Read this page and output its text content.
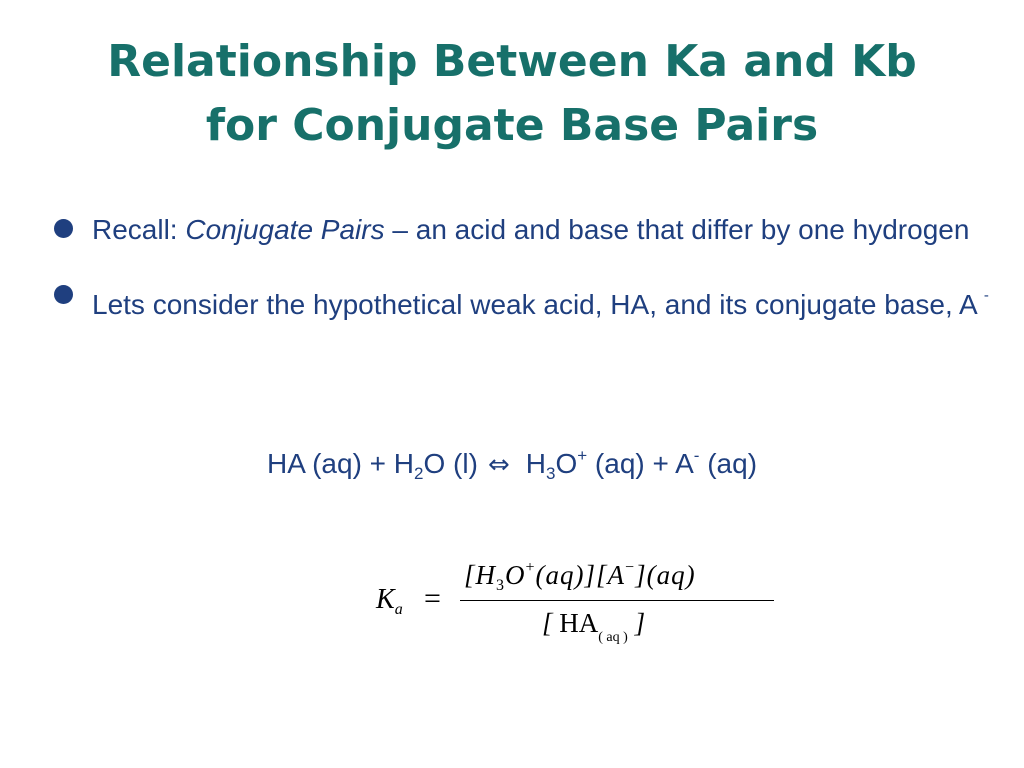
Relationship Between Ka and Kb
for Conjugate Base Pairs
Recall: Conjugate Pairs – an acid and base that differ by one hydrogen
Lets consider the hypothetical weak acid, HA, and its conjugate base, A -
HA $(aq) + H_2O$ (l) ⇔ $H_3O^+$ (aq) + A- (aq)
$K_a$ =
$[H_3O^+(aq)][A^-](aq)$
[ $HA_{( aq )}$ ]
